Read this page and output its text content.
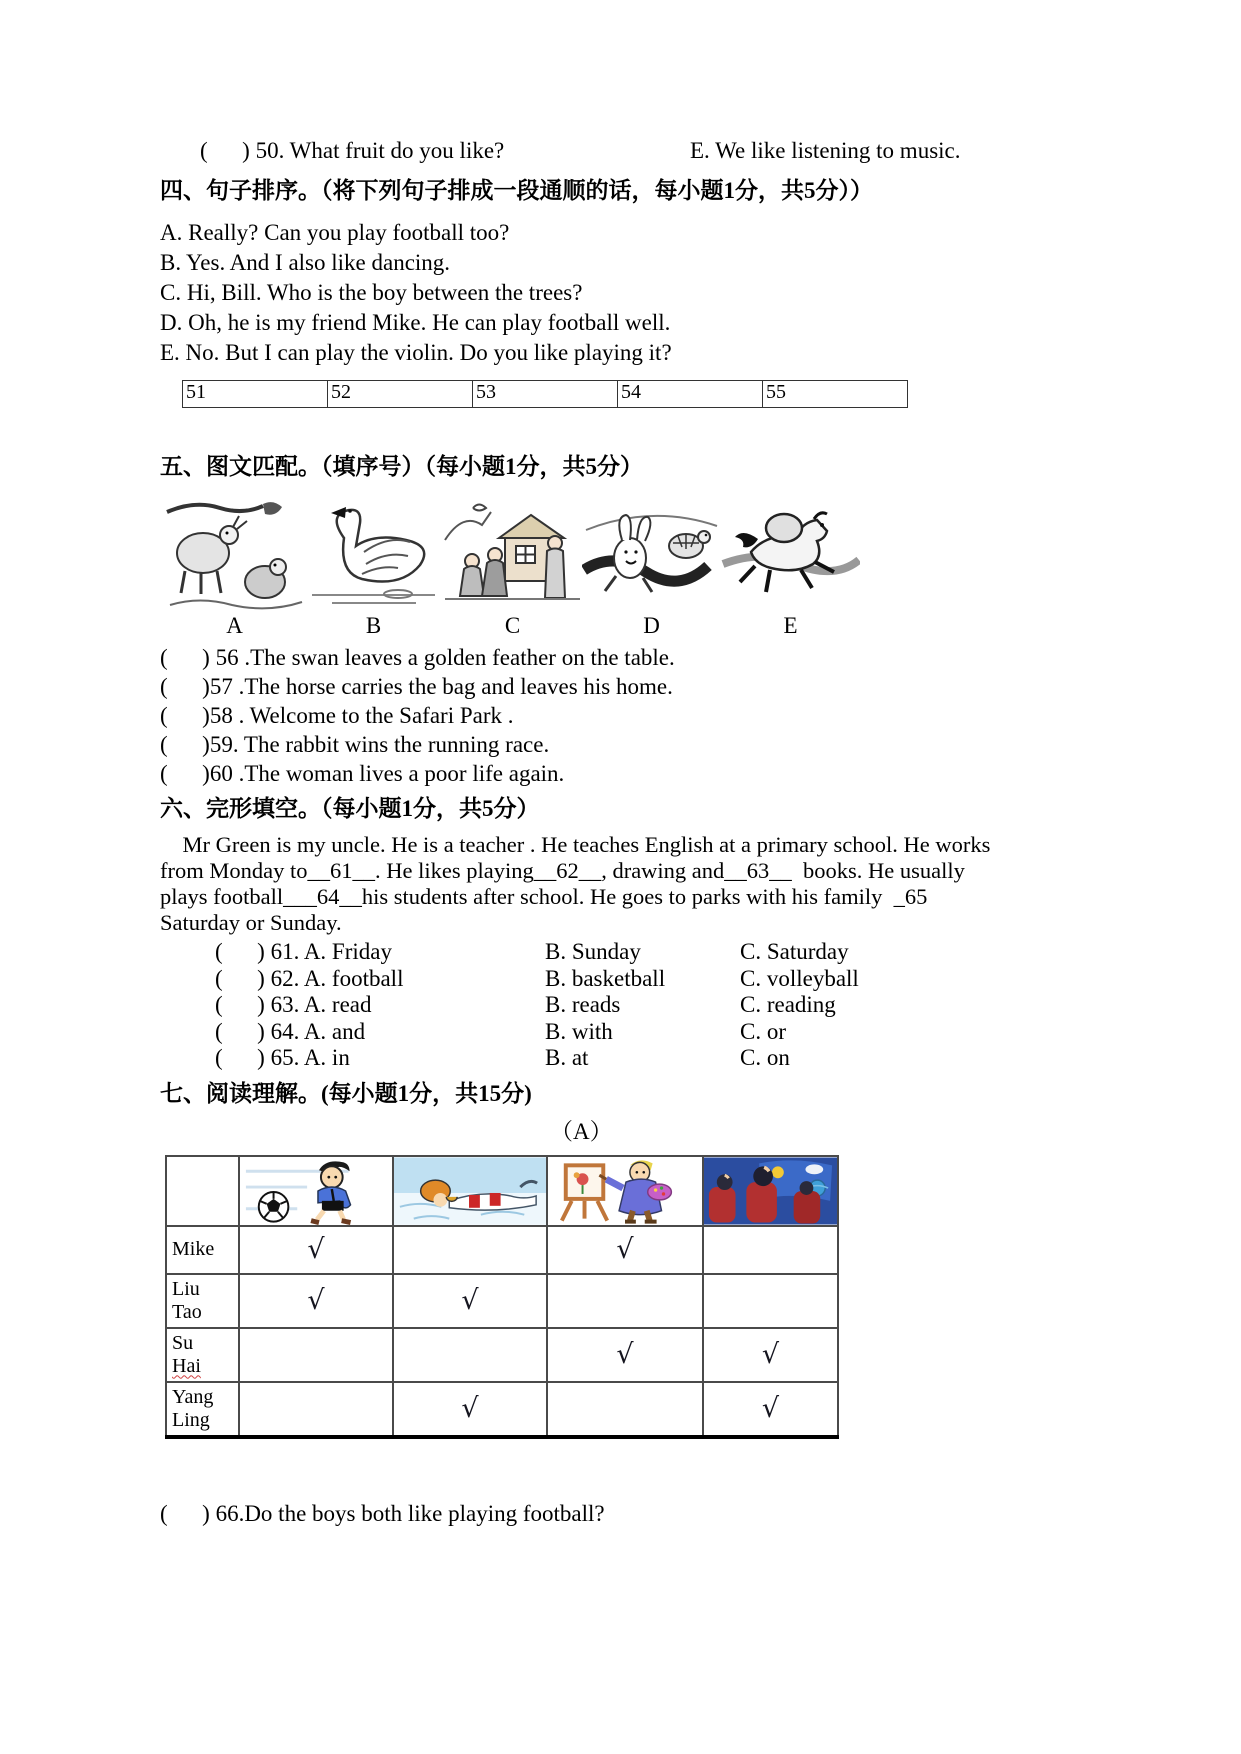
(      ) 50. What fruit do you like?

	E. We like listening to music.

四、句子排序。（将下列句子排成一段通顺的话，每小题1分，共5分））
A. Really? Can you play football too?
B. Yes. And I also like dancing.
C. Hi, Bill. Who is the boy between the trees?
D. Oh, he is my friend Mike. He can play football well.
E. No. But I can play the violin. Do you like playing it?
51	52	53	54	55
五、图文匹配。（填序号）（每小题1分，共5分）
A	B	C	D	E
(      ) 56 .The swan leaves a golden feather on the table.
(      )57 .The horse carries the bag and leaves his home.
(      )58 . Welcome to the Safari Park .
(      )59. The rabbit wins the running race.
(      )60 .The woman lives a poor life again.
六、完形填空。（每小题1分，共5分）
Mr Green is my uncle. He is a teacher . He teaches English at a primary school. He works
from Monday to__61__. He likes playing__62__, drawing and__63__  books. He usually
plays football___64__his students after school. He goes to parks with his family  _65
Saturday or Sunday.
(      ) 61. A. Friday	B. Sunday	C. Saturday
(      ) 62. A. football	B. basketball	C. volleyball
(      ) 63. A. read	B. reads	C. reading
(      ) 64. A. and	B. with	C. or
(      ) 65. A. in	B. at	C. on
七、阅读理解。(每小题1分，共15分)
（A）

Mike	√		√	

Liu
Tao	√	√		

Su
Hai			√	√

Yang
Ling		√		√
(      ) 66.Do the boys both like playing football?
